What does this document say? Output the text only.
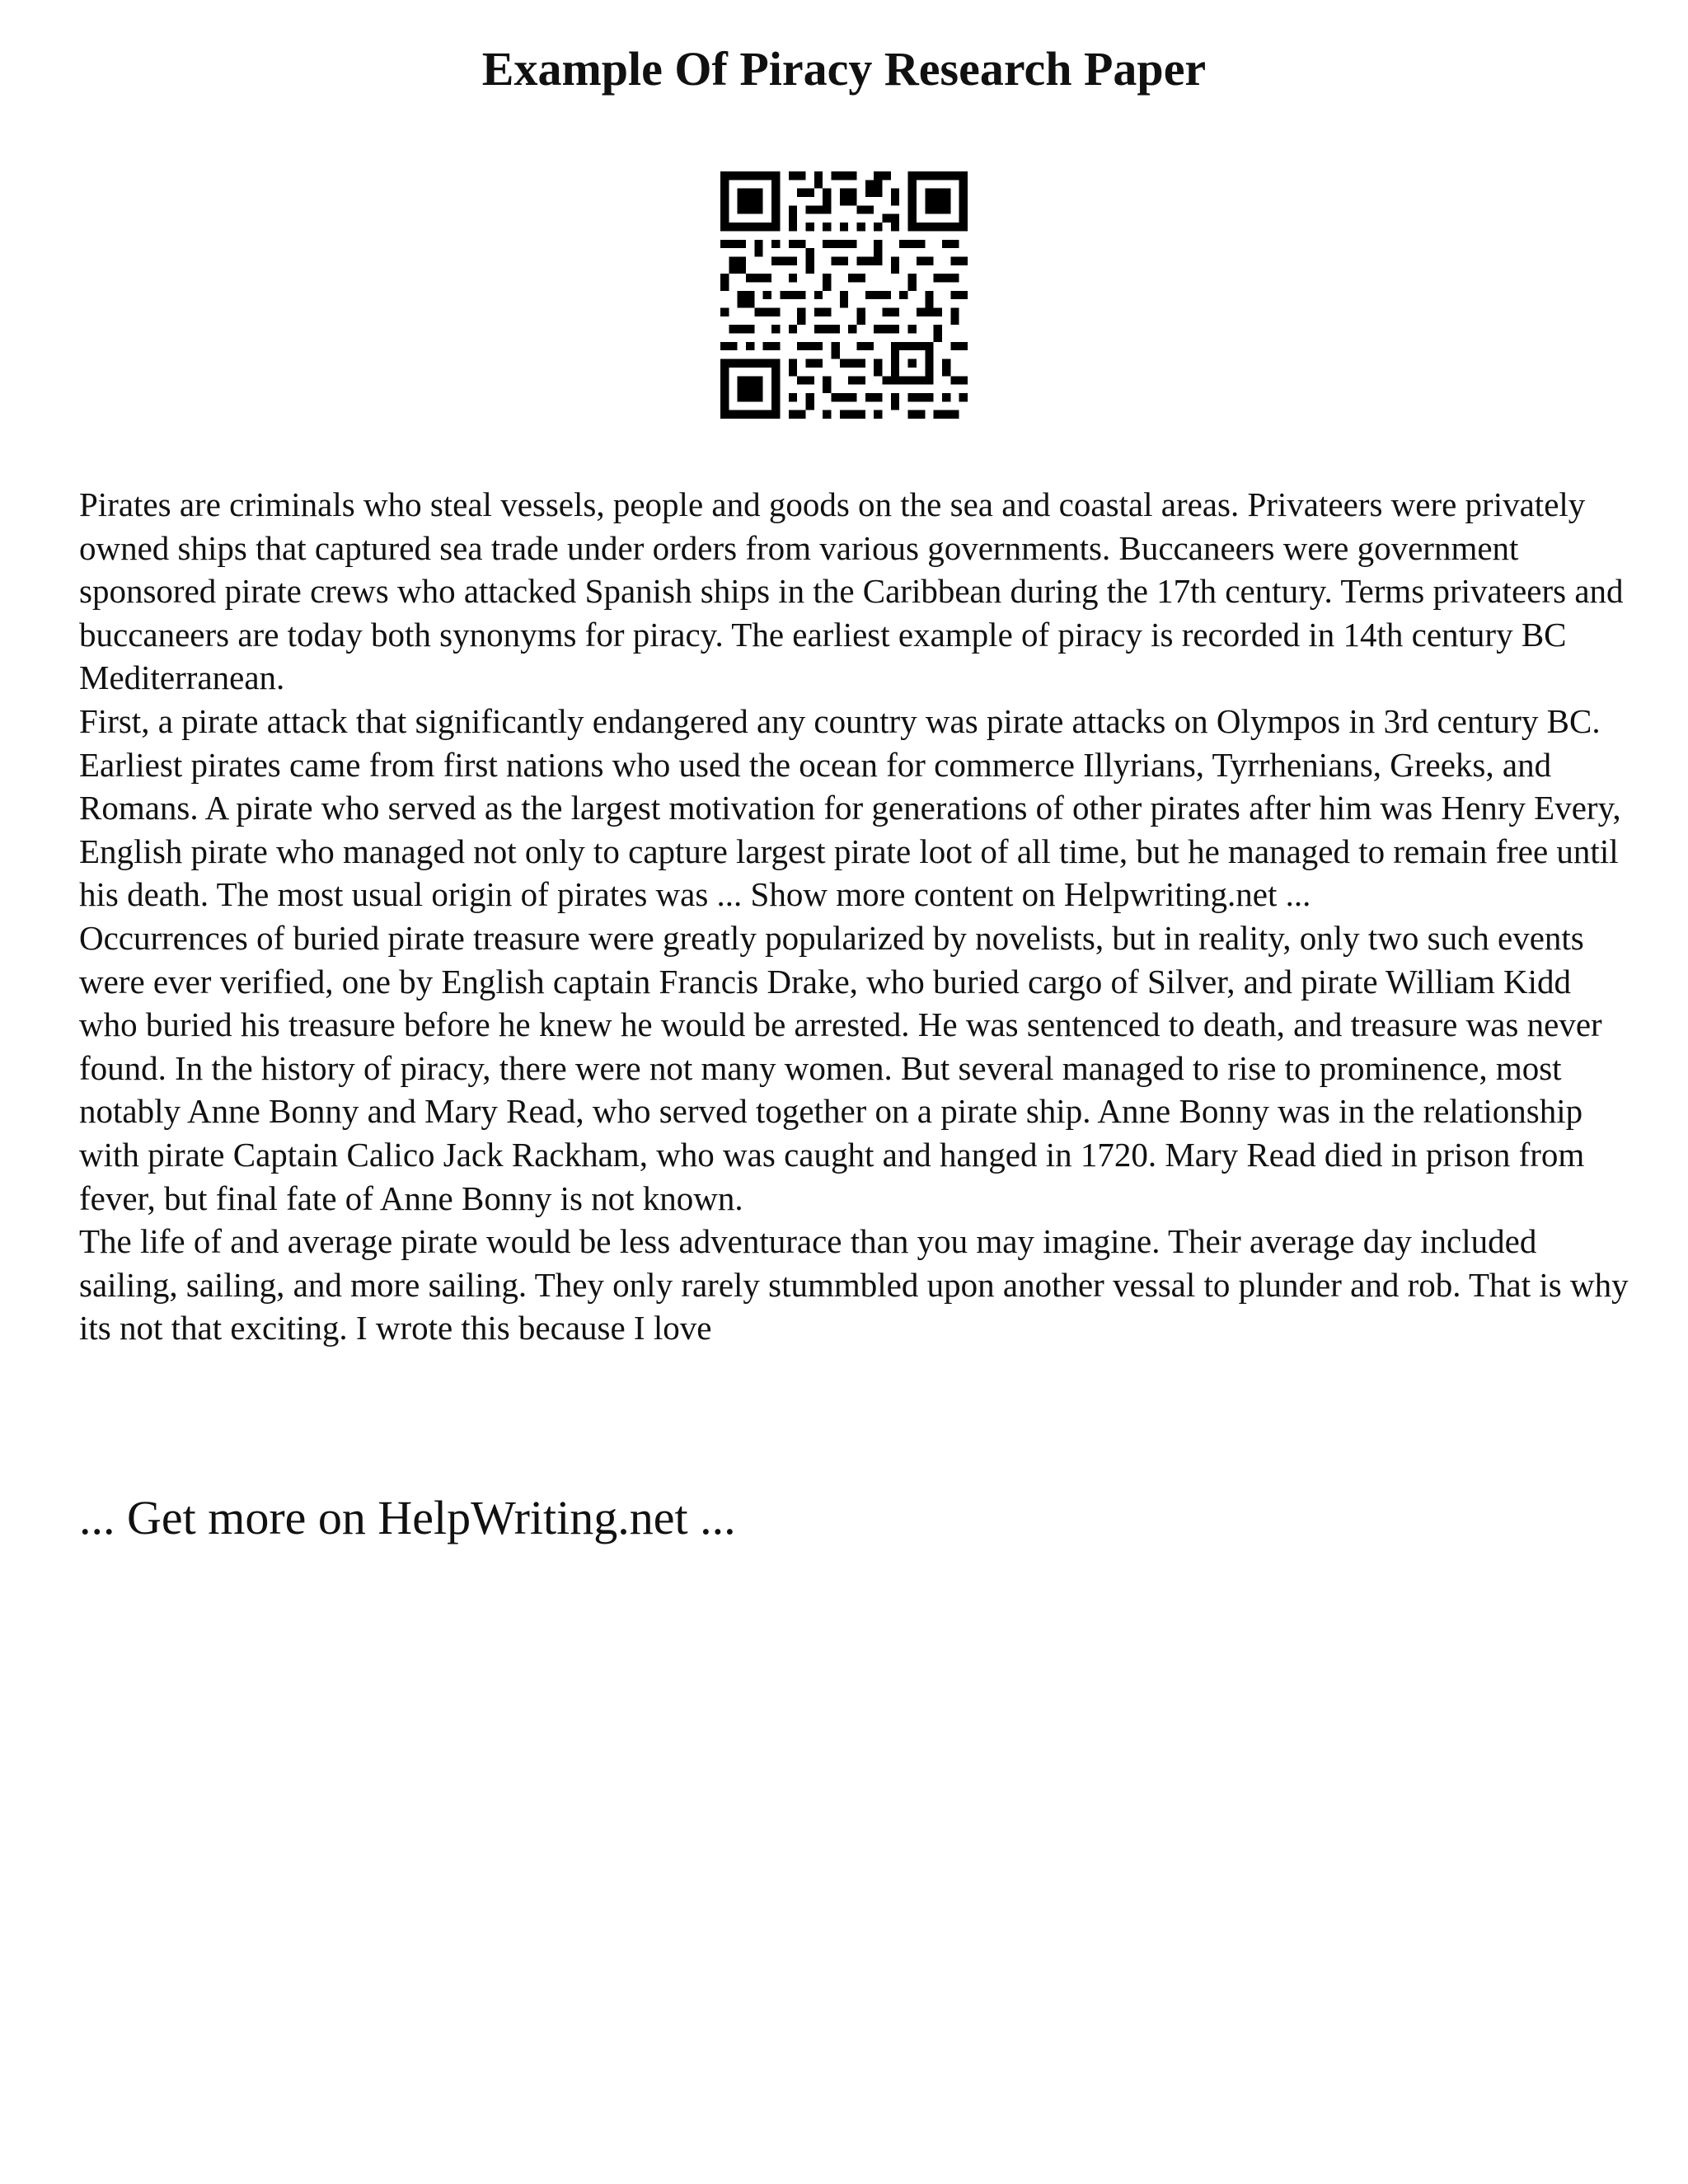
Example Of Piracy Research Paper

Pirates are criminals who steal vessels, people and goods on the sea and coastal areas. Privateers were privately owned ships that captured sea trade under orders from various governments. Buccaneers were government sponsored pirate crews who attacked Spanish ships in the Caribbean during the 17th century. Terms privateers and buccaneers are today both synonyms for piracy. The earliest example of piracy is recorded in 14th century BC Mediterranean.

First, a pirate attack that significantly endangered any country was pirate attacks on Olympos in 3rd century BC. Earliest pirates came from first nations who used the ocean for commerce Illyrians, Tyrrhenians, Greeks, and Romans. A pirate who served as the largest motivation for generations of other pirates after him was Henry Every, English pirate who managed not only to capture largest pirate loot of all time, but he managed to remain free until his death. The most usual origin of pirates was ... Show more content on Helpwriting.net ...

Occurrences of buried pirate treasure were greatly popularized by novelists, but in reality, only two such events were ever verified, one by English captain Francis Drake, who buried cargo of Silver, and pirate William Kidd who buried his treasure before he knew he would be arrested. He was sentenced to death, and treasure was never found. In the history of piracy, there were not many women. But several managed to rise to prominence, most notably Anne Bonny and Mary Read, who served together on a pirate ship. Anne Bonny was in the relationship with pirate Captain Calico Jack Rackham, who was caught and hanged in 1720. Mary Read died in prison from fever, but final fate of Anne Bonny is not known.

The life of and average pirate would be less adventurace than you may imagine. Their average day included sailing, sailing, and more sailing. They only rarely stummbled upon another vessal to plunder and rob. That is why its not that exciting. I wrote this because I love

... Get more on HelpWriting.net ...
